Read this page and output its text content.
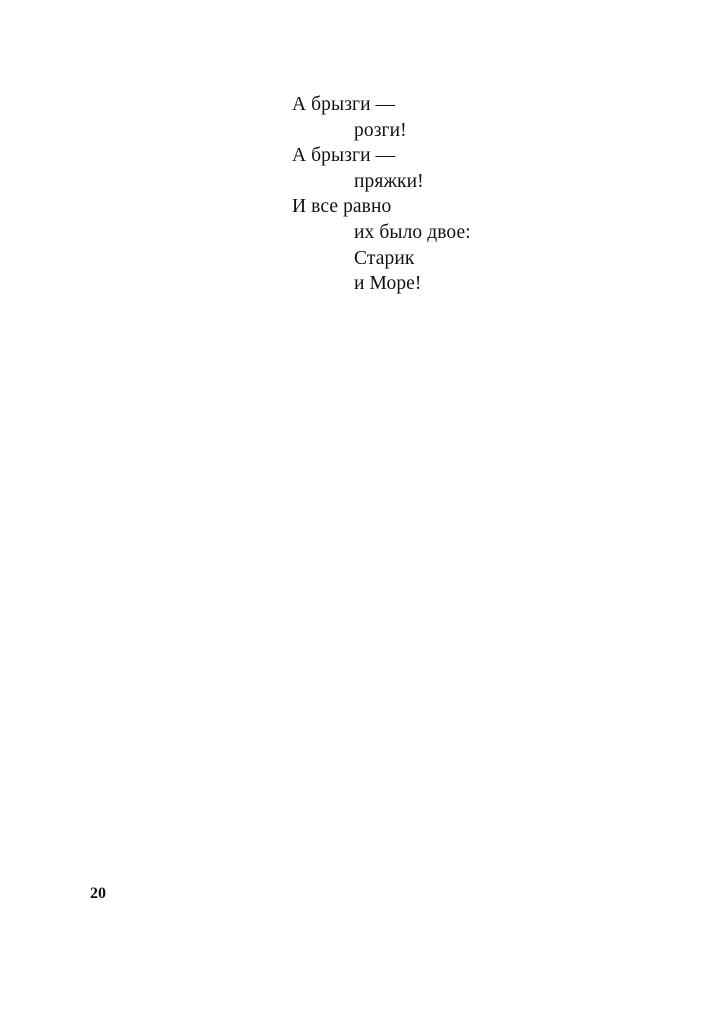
А брызги —
розги!
А брызги —
пряжки!
И все равно
их было двое:
Старик
и Море!
20
